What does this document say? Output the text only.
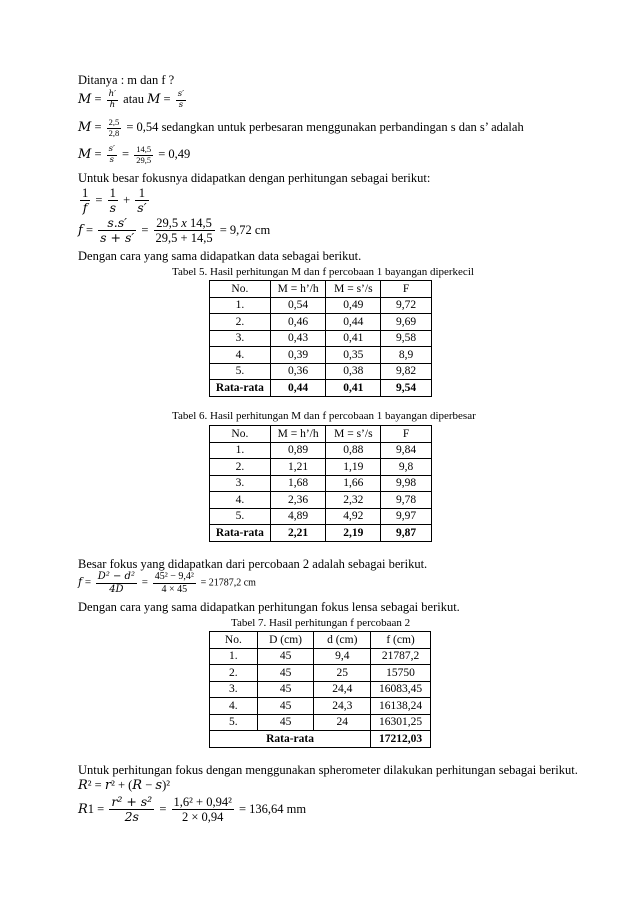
Ditanya : m dan f ?
$M = \frac{h'}{h}$ atau $M = \frac{s'}{s}$
$M = \frac{2,5}{2,8} = 0,54$ sedangkan untuk perbesaran menggunakan perbandingan s dan s’ adalah
$M = \frac{s'}{s} = \frac{14,5}{29,5} = 0,49$
Untuk besar fokusnya didapatkan dengan perhitungan sebagai berikut:
$\frac{1}{f} = \frac{1}{s} + \frac{1}{s'}$
$f = \frac{s.s'}{s + s'} = \frac{29,5 x 14,5}{29,5 + 14,5} = 9,72$ cm
Dengan cara yang sama didapatkan data sebagai berikut.
Tabel 5. Hasil perhitungan M dan f percobaan 1 bayangan diperkecil
No.	M = h’/h	M = s’/s	F
1.	0,54	0,49	9,72
2.	0,46	0,44	9,69
3.	0,43	0,41	9,58
4.	0,39	0,35	8,9
5.	0,36	0,38	9,82
Rata-rata	0,44	0,41	9,54
Tabel 6. Hasil perhitungan M dan f percobaan 1 bayangan diperbesar
No.	M = h’/h	M = s’/s	F
1.	0,89	0,88	9,84
2.	1,21	1,19	9,8
3.	1,68	1,66	9,98
4.	2,36	2,32	9,78
5.	4,89	4,92	9,97
Rata-rata	2,21	2,19	9,87
Besar fokus yang didapatkan dari percobaan 2 adalah sebagai berikut.
$f = \frac{\text{D² − d²}}{4D} = \frac{\text{45² − 9,4²}}{4 \times 45} = 21787,2$ cm
Dengan cara yang sama didapatkan perhitungan fokus lensa sebagai berikut.
Tabel 7. Hasil perhitungan f percobaan 2
No.	D (cm)	d (cm)	f (cm)
1.	45	9,4	21787,2
2.	45	25	15750
3.	45	24,4	16083,45
4.	45	24,3	16138,24
5.	45	24	16301,25
Rata-rata			17212,03
Untuk perhitungan fokus dengan menggunakan spherometer dilakukan perhitungan sebagai berikut.
R² = r² + (R − s)²
$R1 = \frac{\text{r² + s²}}{2s} = \frac{\text{1,6² + 0,94²}}{2 \times 0,94} = 136,64$ mm
